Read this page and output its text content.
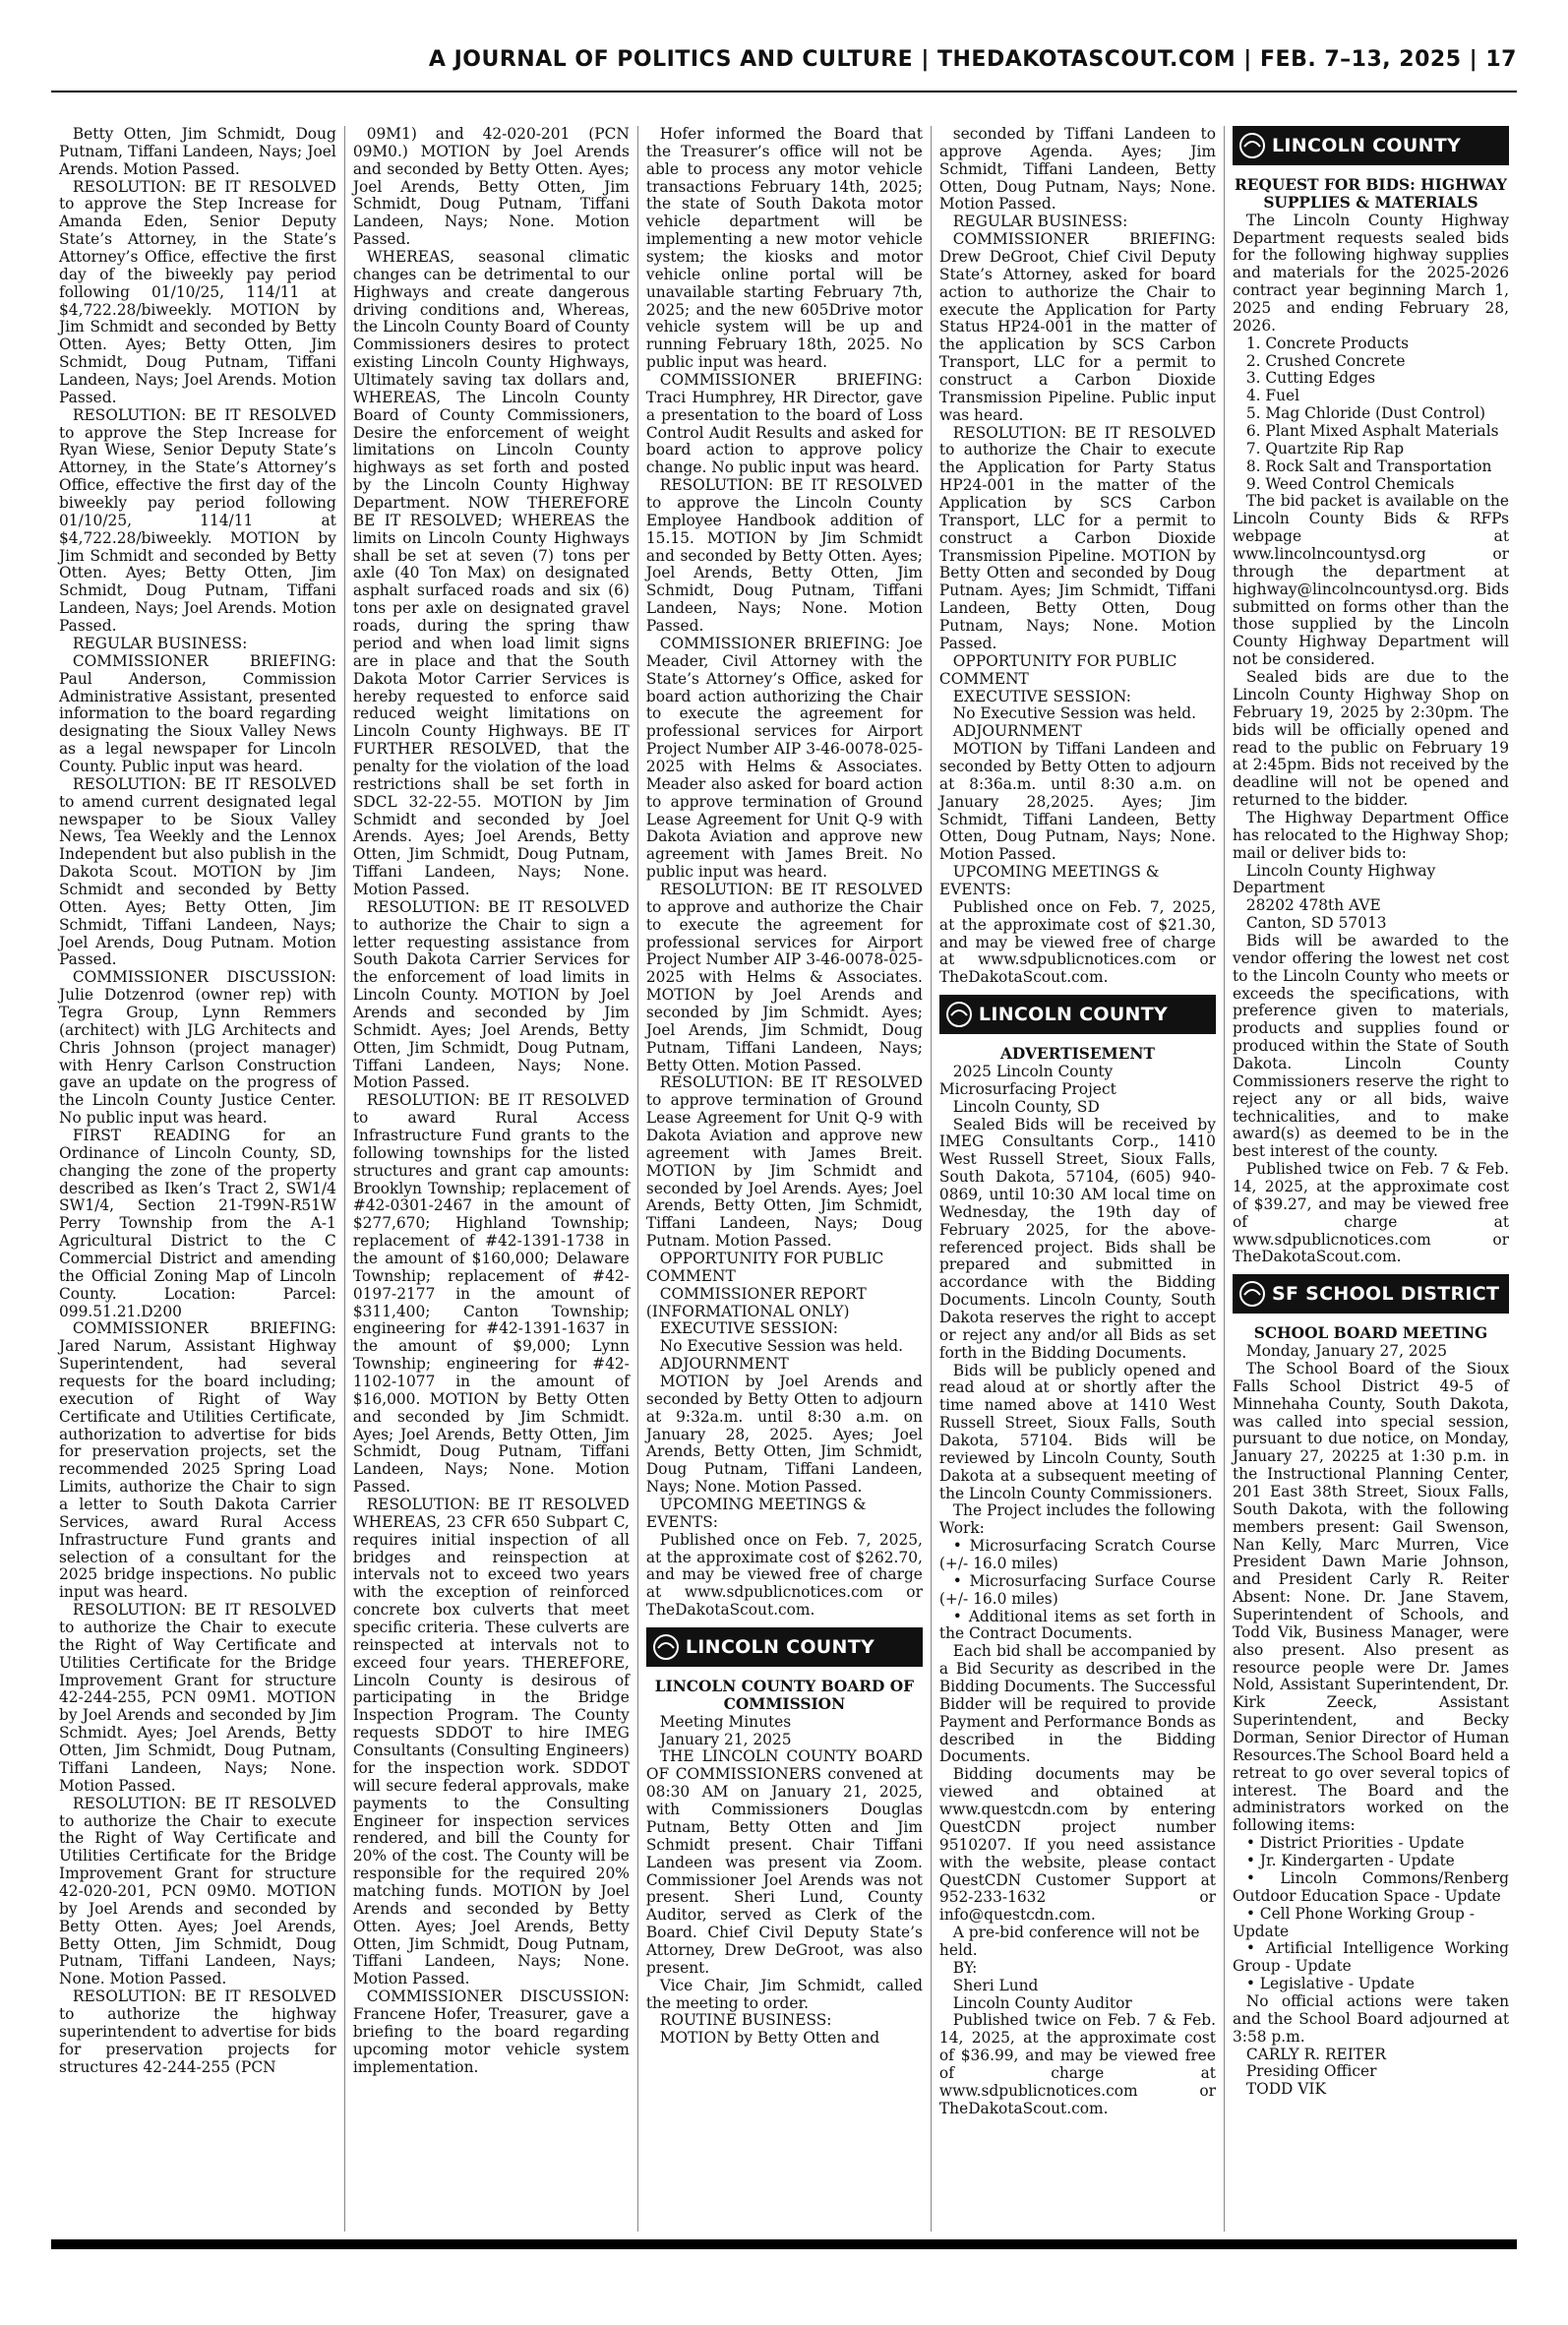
A JOURNAL OF POLITICS AND CULTURE | THEDAKOTASCOUT.COM | FEB. 7–13, 2025 | 17

Betty Otten, Jim Schmidt, Doug Putnam, Tiffani Landeen, Nays; Joel Arends. Motion Passed.

RESOLUTION: BE IT RESOLVED to approve the Step Increase for Amanda Eden, Senior Deputy State’s Attorney, in the State’s Attorney’s Office, effective the first day of the biweekly pay period following 01/10/25, 114/11 at $4,722.28/biweekly. MOTION by Jim Schmidt and seconded by Betty Otten. Ayes; Betty Otten, Jim Schmidt, Doug Putnam, Tiffani Landeen, Nays; Joel Arends. Motion Passed.

RESOLUTION: BE IT RESOLVED to approve the Step Increase for Ryan Wiese, Senior Deputy State’s Attorney, in the State’s Attorney’s Office, effective the first day of the biweekly pay period following 01/10/25, 114/11 at $4,722.28/biweekly. MOTION by Jim Schmidt and seconded by Betty Otten. Ayes; Betty Otten, Jim Schmidt, Doug Putnam, Tiffani Landeen, Nays; Joel Arends. Motion Passed.

REGULAR BUSINESS:

COMMISSIONER BRIEFING: Paul Anderson, Commission Administrative Assistant, presented information to the board regarding designating the Sioux Valley News as a legal newspaper for Lincoln County. Public input was heard.

RESOLUTION: BE IT RESOLVED to amend current designated legal newspaper to be Sioux Valley News, Tea Weekly and the Lennox Independent but also publish in the Dakota Scout. MOTION by Jim Schmidt and seconded by Betty Otten. Ayes; Betty Otten, Jim Schmidt, Tiffani Landeen, Nays; Joel Arends, Doug Putnam. Motion Passed.

COMMISSIONER DISCUSSION: Julie Dotzenrod (owner rep) with Tegra Group, Lynn Remmers (architect) with JLG Architects and Chris Johnson (project manager) with Henry Carlson Construction gave an update on the progress of the Lincoln County Justice Center. No public input was heard.

FIRST READING for an Ordinance of Lincoln County, SD, changing the zone of the property described as Iken’s Tract 2, SW1/4 SW1/4, Section 21-T99N-R51W Perry Township from the A-1 Agricultural District to the C Commercial District and amending the Official Zoning Map of Lincoln County. Location: Parcel: 099.51.21.D200

COMMISSIONER BRIEFING: Jared Narum, Assistant Highway Superintendent, had several requests for the board including; execution of Right of Way Certificate and Utilities Certificate, authorization to advertise for bids for preservation projects, set the recommended 2025 Spring Load Limits, authorize the Chair to sign a letter to South Dakota Carrier Services, award Rural Access Infrastructure Fund grants and selection of a consultant for the 2025 bridge inspections. No public input was heard.

RESOLUTION: BE IT RESOLVED to authorize the Chair to execute the Right of Way Certificate and Utilities Certificate for the Bridge Improvement Grant for structure 42-244-255, PCN 09M1. MOTION by Joel Arends and seconded by Jim Schmidt. Ayes; Joel Arends, Betty Otten, Jim Schmidt, Doug Putnam, Tiffani Landeen, Nays; None. Motion Passed.

RESOLUTION: BE IT RESOLVED to authorize the Chair to execute the Right of Way Certificate and Utilities Certificate for the Bridge Improvement Grant for structure 42-020-201, PCN 09M0. MOTION by Joel Arends and seconded by Betty Otten. Ayes; Joel Arends, Betty Otten, Jim Schmidt, Doug Putnam, Tiffani Landeen, Nays; None. Motion Passed.

RESOLUTION: BE IT RESOLVED to authorize the highway superintendent to advertise for bids for preservation projects for structures 42-244-255 (PCN

09M1) and 42-020-201 (PCN 09M0.) MOTION by Joel Arends and seconded by Betty Otten. Ayes; Joel Arends, Betty Otten, Jim Schmidt, Doug Putnam, Tiffani Landeen, Nays; None. Motion Passed.

WHEREAS, seasonal climatic changes can be detrimental to our Highways and create dangerous driving conditions and, Whereas, the Lincoln County Board of County Commissioners desires to protect existing Lincoln County Highways, Ultimately saving tax dollars and, WHEREAS, The Lincoln County Board of County Commissioners, Desire the enforcement of weight limitations on Lincoln County highways as set forth and posted by the Lincoln County Highway Department. NOW THEREFORE BE IT RESOLVED; WHEREAS the limits on Lincoln County Highways shall be set at seven (7) tons per axle (40 Ton Max) on designated asphalt surfaced roads and six (6) tons per axle on designated gravel roads, during the spring thaw period and when load limit signs are in place and that the South Dakota Motor Carrier Services is hereby requested to enforce said reduced weight limitations on Lincoln County Highways. BE IT FURTHER RESOLVED, that the penalty for the violation of the load restrictions shall be set forth in SDCL 32-22-55. MOTION by Jim Schmidt and seconded by Joel Arends. Ayes; Joel Arends, Betty Otten, Jim Schmidt, Doug Putnam, Tiffani Landeen, Nays; None. Motion Passed.

RESOLUTION: BE IT RESOLVED to authorize the Chair to sign a letter requesting assistance from South Dakota Carrier Services for the enforcement of load limits in Lincoln County. MOTION by Joel Arends and seconded by Jim Schmidt. Ayes; Joel Arends, Betty Otten, Jim Schmidt, Doug Putnam, Tiffani Landeen, Nays; None. Motion Passed.

RESOLUTION: BE IT RESOLVED to award Rural Access Infrastructure Fund grants to the following townships for the listed structures and grant cap amounts: Brooklyn Township; replacement of #42-0301-2467 in the amount of $277,670; Highland Township; replacement of #42-1391-1738 in the amount of $160,000; Delaware Township; replacement of #42-0197-2177 in the amount of $311,400; Canton Township; engineering for #42-1391-1637 in the amount of $9,000; Lynn Township; engineering for #42-1102-1077 in the amount of $16,000. MOTION by Betty Otten and seconded by Jim Schmidt. Ayes; Joel Arends, Betty Otten, Jim Schmidt, Doug Putnam, Tiffani Landeen, Nays; None. Motion Passed.

RESOLUTION: BE IT RESOLVED WHEREAS, 23 CFR 650 Subpart C, requires initial inspection of all bridges and reinspection at intervals not to exceed two years with the exception of reinforced concrete box culverts that meet specific criteria. These culverts are reinspected at intervals not to exceed four years. THEREFORE, Lincoln County is desirous of participating in the Bridge Inspection Program. The County requests SDDOT to hire IMEG Consultants (Consulting Engineers) for the inspection work. SDDOT will secure federal approvals, make payments to the Consulting Engineer for inspection services rendered, and bill the County for 20% of the cost. The County will be responsible for the required 20% matching funds. MOTION by Joel Arends and seconded by Betty Otten. Ayes; Joel Arends, Betty Otten, Jim Schmidt, Doug Putnam, Tiffani Landeen, Nays; None. Motion Passed.

COMMISSIONER DISCUSSION: Francene Hofer, Treasurer, gave a briefing to the board regarding upcoming motor vehicle system implementation.

Hofer informed the Board that the Treasurer’s office will not be able to process any motor vehicle transactions February 14th, 2025; the state of South Dakota motor vehicle department will be implementing a new motor vehicle system; the kiosks and motor vehicle online portal will be unavailable starting February 7th, 2025; and the new 605Drive motor vehicle system will be up and running February 18th, 2025. No public input was heard.

COMMISSIONER BRIEFING: Traci Humphrey, HR Director, gave a presentation to the board of Loss Control Audit Results and asked for board action to approve policy change. No public input was heard.

RESOLUTION: BE IT RESOLVED to approve the Lincoln County Employee Handbook addition of 15.15. MOTION by Jim Schmidt and seconded by Betty Otten. Ayes; Joel Arends, Betty Otten, Jim Schmidt, Doug Putnam, Tiffani Landeen, Nays; None. Motion Passed.

COMMISSIONER BRIEFING: Joe Meader, Civil Attorney with the State’s Attorney’s Office, asked for board action authorizing the Chair to execute the agreement for professional services for Airport Project Number AIP 3-46-0078-025-2025 with Helms & Associates. Meader also asked for board action to approve termination of Ground Lease Agreement for Unit Q-9 with Dakota Aviation and approve new agreement with James Breit. No public input was heard.

RESOLUTION: BE IT RESOLVED to approve and authorize the Chair to execute the agreement for professional services for Airport Project Number AIP 3-46-0078-025-2025 with Helms & Associates. MOTION by Joel Arends and seconded by Jim Schmidt. Ayes; Joel Arends, Jim Schmidt, Doug Putnam, Tiffani Landeen, Nays; Betty Otten. Motion Passed.

RESOLUTION: BE IT RESOLVED to approve termination of Ground Lease Agreement for Unit Q-9 with Dakota Aviation and approve new agreement with James Breit. MOTION by Jim Schmidt and seconded by Joel Arends. Ayes; Joel Arends, Betty Otten, Jim Schmidt, Tiffani Landeen, Nays; Doug Putnam. Motion Passed.

OPPORTUNITY FOR PUBLIC COMMENT

COMMISSIONER REPORT (INFORMATIONAL ONLY)

EXECUTIVE SESSION:

No Executive Session was held.

ADJOURNMENT

MOTION by Joel Arends and seconded by Betty Otten to adjourn at 9:32a.m. until 8:30 a.m. on January 28, 2025. Ayes; Joel Arends, Betty Otten, Jim Schmidt, Doug Putnam, Tiffani Landeen, Nays; None. Motion Passed.

UPCOMING MEETINGS & EVENTS:

Published once on Feb. 7, 2025, at the approximate cost of $262.70, and may be viewed free of charge at www.sdpublicnotices.com or TheDakotaScout.com.

LINCOLN COUNTY

LINCOLN COUNTY BOARD OF COMMISSION

Meeting Minutes

January 21, 2025

THE LINCOLN COUNTY BOARD OF COMMISSIONERS convened at 08:30 AM on January 21, 2025, with Commissioners Douglas Putnam, Betty Otten and Jim Schmidt present. Chair Tiffani Landeen was present via Zoom. Commissioner Joel Arends was not present. Sheri Lund, County Auditor, served as Clerk of the Board. Chief Civil Deputy State’s Attorney, Drew DeGroot, was also present.

Vice Chair, Jim Schmidt, called the meeting to order.

ROUTINE BUSINESS:

MOTION by Betty Otten and

seconded by Tiffani Landeen to approve Agenda. Ayes; Jim Schmidt, Tiffani Landeen, Betty Otten, Doug Putnam, Nays; None. Motion Passed.

REGULAR BUSINESS:

COMMISSIONER BRIEFING: Drew DeGroot, Chief Civil Deputy State’s Attorney, asked for board action to authorize the Chair to execute the Application for Party Status HP24-001 in the matter of the application by SCS Carbon Transport, LLC for a permit to construct a Carbon Dioxide Transmission Pipeline. Public input was heard.

RESOLUTION: BE IT RESOLVED to authorize the Chair to execute the Application for Party Status HP24-001 in the matter of the Application by SCS Carbon Transport, LLC for a permit to construct a Carbon Dioxide Transmission Pipeline. MOTION by Betty Otten and seconded by Doug Putnam. Ayes; Jim Schmidt, Tiffani Landeen, Betty Otten, Doug Putnam, Nays; None. Motion Passed.

OPPORTUNITY FOR PUBLIC COMMENT

EXECUTIVE SESSION:

No Executive Session was held.

ADJOURNMENT

MOTION by Tiffani Landeen and seconded by Betty Otten to adjourn at 8:36a.m. until 8:30 a.m. on January 28,2025. Ayes; Jim Schmidt, Tiffani Landeen, Betty Otten, Doug Putnam, Nays; None. Motion Passed.

UPCOMING MEETINGS & EVENTS:

Published once on Feb. 7, 2025, at the approximate cost of $21.30, and may be viewed free of charge at www.sdpublicnotices.com or TheDakotaScout.com.

LINCOLN COUNTY

ADVERTISEMENT

2025 Lincoln County Microsurfacing Project

Lincoln County, SD

Sealed Bids will be received by IMEG Consultants Corp., 1410 West Russell Street, Sioux Falls, South Dakota, 57104, (605) 940-0869, until 10:30 AM local time on Wednesday, the 19th day of February 2025, for the above-referenced project. Bids shall be prepared and submitted in accordance with the Bidding Documents. Lincoln County, South Dakota reserves the right to accept or reject any and/or all Bids as set forth in the Bidding Documents.

Bids will be publicly opened and read aloud at or shortly after the time named above at 1410 West Russell Street, Sioux Falls, South Dakota, 57104. Bids will be reviewed by Lincoln County, South Dakota at a subsequent meeting of the Lincoln County Commissioners.

The Project includes the following Work:

• Microsurfacing Scratch Course (+/- 16.0 miles)

• Microsurfacing Surface Course (+/- 16.0 miles)

• Additional items as set forth in the Contract Documents.

Each bid shall be accompanied by a Bid Security as described in the Bidding Documents. The Successful Bidder will be required to provide Payment and Performance Bonds as described in the Bidding Documents.

Bidding documents may be viewed and obtained at www.questcdn.com by entering QuestCDN project number 9510207. If you need assistance with the website, please contact QuestCDN Customer Support at 952-233-1632 or info@questcdn.com.

A pre-bid conference will not be held.

BY:

Sheri Lund

Lincoln County Auditor

Published twice on Feb. 7 & Feb. 14, 2025, at the approximate cost of $36.99, and may be viewed free of charge at www.sdpublicnotices.com or TheDakotaScout.com.

LINCOLN COUNTY

REQUEST FOR BIDS: HIGHWAY SUPPLIES & MATERIALS

The Lincoln County Highway Department requests sealed bids for the following highway supplies and materials for the 2025-2026 contract year beginning March 1, 2025 and ending February 28, 2026.

1. Concrete Products

2. Crushed Concrete

3. Cutting Edges

4. Fuel

5. Mag Chloride (Dust Control)

6. Plant Mixed Asphalt Materials

7. Quartzite Rip Rap

8. Rock Salt and Transportation

9. Weed Control Chemicals

The bid packet is available on the Lincoln County Bids & RFPs webpage at www.lincolncountysd.org or through the department at highway@lincolncountysd.org. Bids submitted on forms other than the those supplied by the Lincoln County Highway Department will not be considered.

Sealed bids are due to the Lincoln County Highway Shop on February 19, 2025 by 2:30pm. The bids will be officially opened and read to the public on February 19 at 2:45pm. Bids not received by the deadline will not be opened and returned to the bidder.

The Highway Department Office has relocated to the Highway Shop; mail or deliver bids to:

Lincoln County Highway Department

28202 478th AVE

Canton, SD 57013

Bids will be awarded to the vendor offering the lowest net cost to the Lincoln County who meets or exceeds the specifications, with preference given to materials, products and supplies found or produced within the State of South Dakota. Lincoln County Commissioners reserve the right to reject any or all bids, waive technicalities, and to make award(s) as deemed to be in the best interest of the county.

Published twice on Feb. 7 & Feb. 14, 2025, at the approximate cost of $39.27, and may be viewed free of charge at www.sdpublicnotices.com or TheDakotaScout.com.

SF SCHOOL DISTRICT

SCHOOL BOARD MEETING

Monday, January 27, 2025

The School Board of the Sioux Falls School District 49-5 of Minnehaha County, South Dakota, was called into special session, pursuant to due notice, on Monday, January 27, 20225 at 1:30 p.m. in the Instructional Planning Center, 201 East 38th Street, Sioux Falls, South Dakota, with the following members present: Gail Swenson, Nan Kelly, Marc Murren, Vice President Dawn Marie Johnson, and President Carly R. Reiter Absent: None. Dr. Jane Stavem, Superintendent of Schools, and Todd Vik, Business Manager, were also present. Also present as resource people were Dr. James Nold, Assistant Superintendent, Dr. Kirk Zeeck, Assistant Superintendent, and Becky Dorman, Senior Director of Human Resources.The School Board held a retreat to go over several topics of interest. The Board and the administrators worked on the following items:

• District Priorities - Update

• Jr. Kindergarten - Update

• Lincoln Commons/Renberg Outdoor Education Space - Update

• Cell Phone Working Group - Update

• Artificial Intelligence Working Group - Update

• Legislative - Update

No official actions were taken and the School Board adjourned at 3:58 p.m.

CARLY R. REITER

Presiding Officer

TODD VIK
